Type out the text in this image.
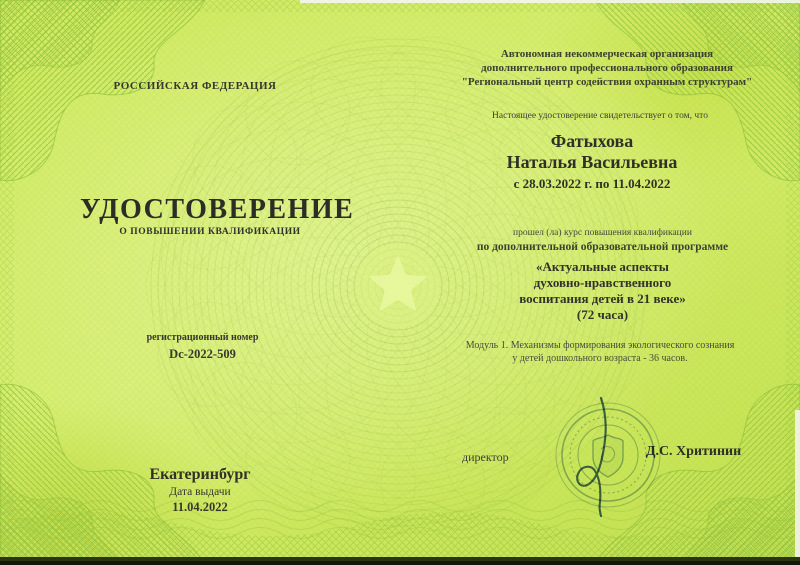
РОССИЙСКАЯ ФЕДЕРАЦИЯ
УДОСТОВЕРЕНИЕ
О ПОВЫШЕНИИ КВАЛИФИКАЦИИ
регистрационный номер
Dc-2022-509
Екатеринбург
Дата выдачи
11.04.2022
Автономная некоммерческая организация
дополнительного профессионального образования
"Региональный центр содействия охранным структурам"
Настоящее удостоверение свидетельствует о том, что
Фатыхова
Наталья Васильевна
с 28.03.2022 г. по 11.04.2022
прошел (ла) курс повышения квалификации
по дополнительной образовательной программе
«Актуальные аспекты
духовно-нравственного
воспитания детей в 21 веке»
(72 часа)
Модуль 1. Механизмы формирования экологического сознания
у детей дошкольного возраста - 36 часов.
директор	Д.С. Хритинин
